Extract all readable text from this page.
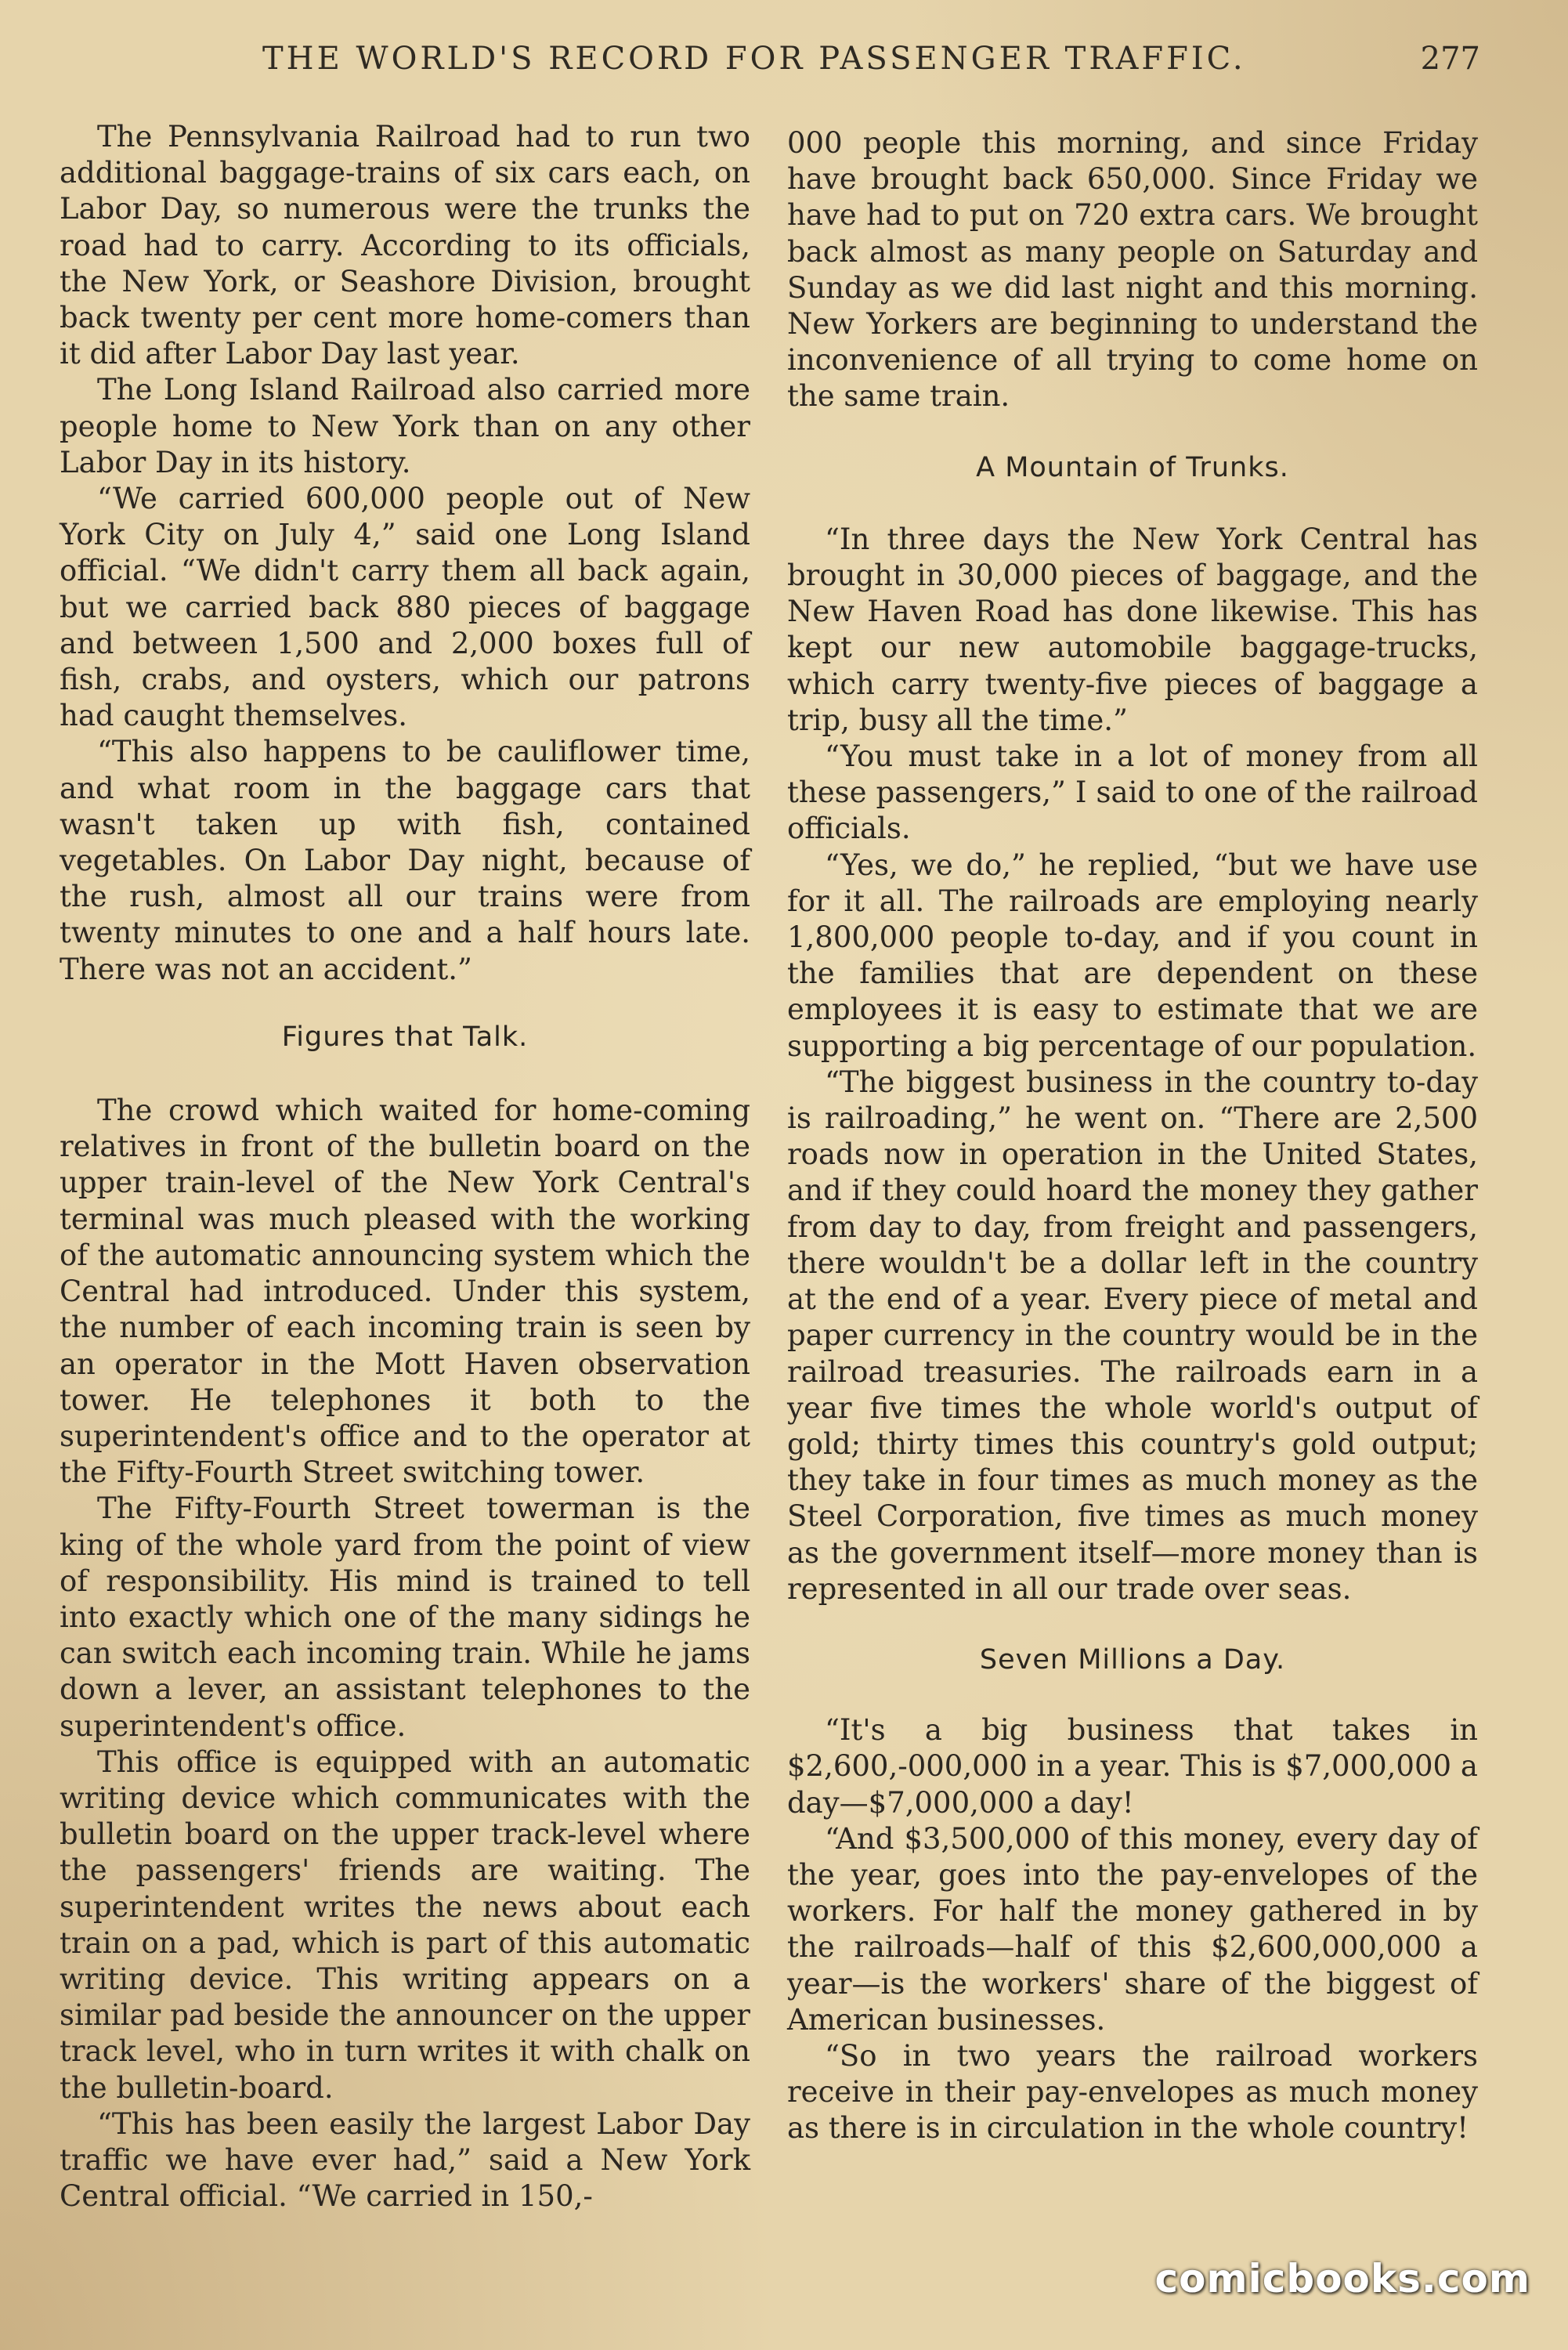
THE WORLD'S RECORD FOR PASSENGER TRAFFIC.	277

The Pennsylvania Railroad had to run two additional baggage-trains of six cars each, on Labor Day, so numerous were the trunks the road had to carry. According to its officials, the New York, or Seashore Division, brought back twenty per cent more home-comers than it did after Labor Day last year.

The Long Island Railroad also carried more people home to New York than on any other Labor Day in its history.

“We carried 600,000 people out of New York City on July 4,” said one Long Island official. “We didn't carry them all back again, but we carried back 880 pieces of baggage and between 1,500 and 2,000 boxes full of fish, crabs, and oysters, which our patrons had caught themselves.

“This also happens to be cauliflower time, and what room in the baggage cars that wasn't taken up with fish, contained vegetables. On Labor Day night, because of the rush, almost all our trains were from twenty minutes to one and a half hours late. There was not an accident.”

Figures that Talk.

The crowd which waited for home-coming relatives in front of the bulletin board on the upper train-level of the New York Central's terminal was much pleased with the working of the automatic announcing system which the Central had introduced. Under this system, the number of each incoming train is seen by an operator in the Mott Haven observation tower. He telephones it both to the superintendent's office and to the operator at the Fifty-Fourth Street switching tower.

The Fifty-Fourth Street towerman is the king of the whole yard from the point of view of responsibility. His mind is trained to tell into exactly which one of the many sidings he can switch each incoming train. While he jams down a lever, an assistant telephones to the superintendent's office.

This office is equipped with an automatic writing device which communicates with the bulletin board on the upper track-level where the passengers' friends are waiting. The superintendent writes the news about each train on a pad, which is part of this automatic writing device. This writing appears on a similar pad beside the announcer on the upper track level, who in turn writes it with chalk on the bulletin-board.

“This has been easily the largest Labor Day traffic we have ever had,” said a New York Central official. “We carried in 150,-

000 people this morning, and since Friday have brought back 650,000. Since Friday we have had to put on 720 extra cars. We brought back almost as many people on Saturday and Sunday as we did last night and this morning. New Yorkers are beginning to understand the inconvenience of all trying to come home on the same train.

A Mountain of Trunks.

“In three days the New York Central has brought in 30,000 pieces of baggage, and the New Haven Road has done likewise. This has kept our new automobile baggage-trucks, which carry twenty-five pieces of baggage a trip, busy all the time.”

“You must take in a lot of money from all these passengers,” I said to one of the railroad officials.

“Yes, we do,” he replied, “but we have use for it all. The railroads are employing nearly 1,800,000 people to-day, and if you count in the families that are dependent on these employees it is easy to estimate that we are supporting a big percentage of our population.

“The biggest business in the country to-day is railroading,” he went on. “There are 2,500 roads now in operation in the United States, and if they could hoard the money they gather from day to day, from freight and passengers, there wouldn't be a dollar left in the country at the end of a year. Every piece of metal and paper currency in the country would be in the railroad treasuries. The railroads earn in a year five times the whole world's output of gold; thirty times this country's gold output; they take in four times as much money as the Steel Corporation, five times as much money as the government itself—more money than is represented in all our trade over seas.

Seven Millions a Day.

“It's a big business that takes in $2,600,-000,000 in a year. This is $7,000,000 a day—$7,000,000 a day!

“And $3,500,000 of this money, every day of the year, goes into the pay-envelopes of the workers. For half the money gathered in by the railroads—half of this $2,600,000,000 a year—is the workers' share of the biggest of American businesses.

“So in two years the railroad workers receive in their pay-envelopes as much money as there is in circulation in the whole country!

comicbooks.com
